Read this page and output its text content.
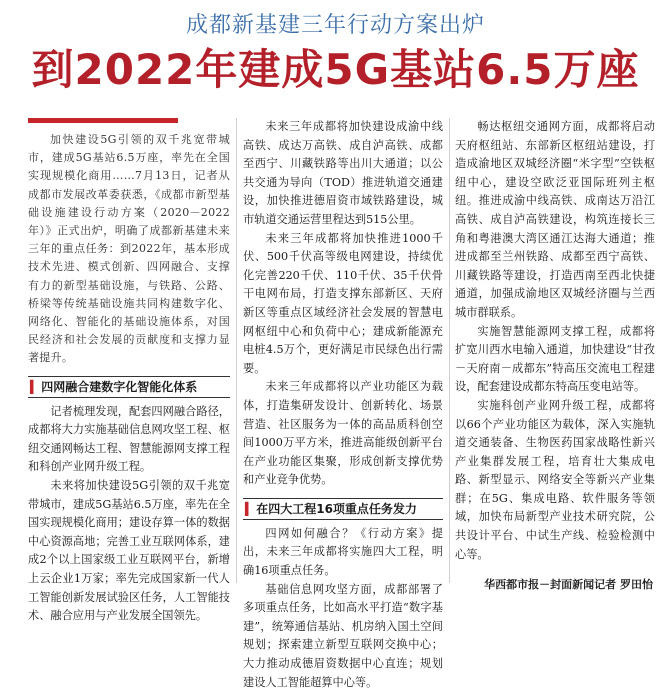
成都新基建三年行动方案出炉
到2022年建成5G基站6.5万座

加快建设5G引领的双千兆宽带城市，建成5G基站6.5万座，率先在全国实现规模化商用……7月13日，记者从成都市发展改革委获悉，《成都市新型基础设施建设行动方案（2020－2022年）》正式出炉，明确了成都新基建未来三年的重点任务：到2022年，基本形成技术先进、模式创新、四网融合、支撑有力的新型基础设施，与铁路、公路、桥梁等传统基础设施共同构建数字化、网络化、智能化的基础设施体系，对国民经济和社会发展的贡献度和支撑力显著提升。

▍ 四网融合建数字化智能化体系

记者梳理发现，配套四网融合路径，成都将大力实施基础信息网攻坚工程、枢纽交通网畅达工程、智慧能源网支撑工程和科创产业网升级工程。

未来将加快建设5G引领的双千兆宽带城市，建成5G基站6.5万座，率先在全国实现规模化商用；建设存算一体的数据中心资源高地；完善工业互联网体系，建成2个以上国家级工业互联网平台，新增上云企业1万家；率先完成国家新一代人工智能创新发展试验区任务，人工智能技术、融合应用与产业发展全国领先。

未来三年成都将加快建设成渝中线高铁、成达万高铁、成自泸高铁、成都至西宁、川藏铁路等出川大通道；以公共交通为导向（TOD）推进轨道交通建设，加快推进德眉资市域铁路建设，城市轨道交通运营里程达到515公里。

未来三年成都将加快推进1000千伏、500千伏高等级电网建设，持续优化完善220千伏、110千伏、35千伏骨干电网布局，打造支撑东部新区、天府新区等重点区域经济社会发展的智慧电网枢纽中心和负荷中心；建成新能源充电桩4.5万个，更好满足市民绿色出行需要。

未来三年成都将以产业功能区为载体，打造集研发设计、创新转化、场景营造、社区服务为一体的高品质科创空间1000万平方米，推进高能级创新平台在产业功能区集聚，形成创新支撑优势和产业竞争优势。

▍ 在四大工程16项重点任务发力

四网如何融合？《行动方案》提出，未来三年成都将实施四大工程，明确16项重点任务。

基础信息网攻坚方面，成都部署了多项重点任务，比如高水平打造“数字基建”，统筹通信基站、机房纳入国土空间规划；探索建立新型互联网交换中心；大力推动成德眉资数据中心直连；规划建设人工智能超算中心等。

畅达枢纽交通网方面，成都将启动天府枢纽站、东部新区枢纽站建设，打造成渝地区双城经济圈“米字型”空铁枢纽中心，建设空欧泛亚国际班列主枢纽。推进成渝中线高铁、成南达万沿江高铁、成自泸高铁建设，构筑连接长三角和粤港澳大湾区通江达海大通道；推进成都至兰州铁路、成都至西宁高铁、川藏铁路等建设，打造西南至西北快捷通道，加强成渝地区双城经济圈与兰西城市群联系。

实施智慧能源网支撑工程，成都将扩宽川西水电输入通道，加快建设“甘孜－天府南－成都东”特高压交流电工程建设，配套建设成都东特高压变电站等。

实施科创产业网升级工程，成都将以66个产业功能区为载体，深入实施轨道交通装备、生物医药国家战略性新兴产业集群发展工程，培育壮大集成电路、新型显示、网络安全等新兴产业集群；在5G、集成电路、软件服务等领域，加快布局新型产业技术研究院，公共设计平台、中试生产线、检验检测中心等。

华西都市报－封面新闻记者 罗田怡
